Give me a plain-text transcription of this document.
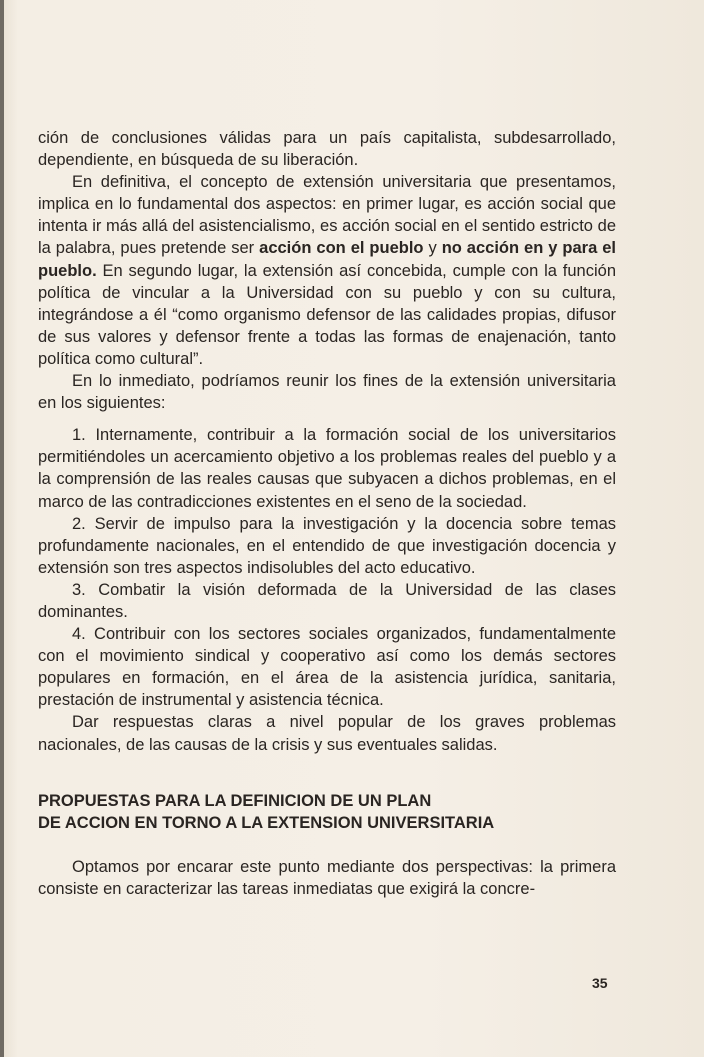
ción de conclusiones válidas para un país capitalista, subdesarrollado, dependiente, en búsqueda de su liberación.

En definitiva, el concepto de extensión universitaria que presentamos, implica en lo fundamental dos aspectos: en primer lugar, es acción social que intenta ir más allá del asistencialismo, es acción social en el sentido estricto de la palabra, pues pretende ser acción con el pueblo y no acción en y para el pueblo. En segundo lugar, la extensión así concebida, cumple con la función política de vincular a la Universidad con su pueblo y con su cultura, integrándose a él “como organismo defensor de las calidades propias, difusor de sus valores y defensor frente a todas las formas de enajenación, tanto política como cultural”.

En lo inmediato, podríamos reunir los fines de la extensión universitaria en los siguientes:

1. Internamente, contribuir a la formación social de los universitarios permitiéndoles un acercamiento objetivo a los problemas reales del pueblo y a la comprensión de las reales causas que subyacen a dichos problemas, en el marco de las contradicciones existentes en el seno de la sociedad.

2. Servir de impulso para la investigación y la docencia sobre temas profundamente nacionales, en el entendido de que investigación docencia y extensión son tres aspectos indisolubles del acto educativo.

3. Combatir la visión deformada de la Universidad de las clases dominantes.

4. Contribuir con los sectores sociales organizados, fundamentalmente con el movimiento sindical y cooperativo así como los demás sectores populares en formación, en el área de la asistencia jurídica, sanitaria, prestación de instrumental y asistencia técnica.

Dar respuestas claras a nivel popular de los graves problemas nacionales, de las causas de la crisis y sus eventuales salidas.

PROPUESTAS PARA LA DEFINICION DE UN PLAN
DE ACCION EN TORNO A LA EXTENSION UNIVERSITARIA

Optamos por encarar este punto mediante dos perspectivas: la primera consiste en caracterizar las tareas inmediatas que exigirá la concre-

35
